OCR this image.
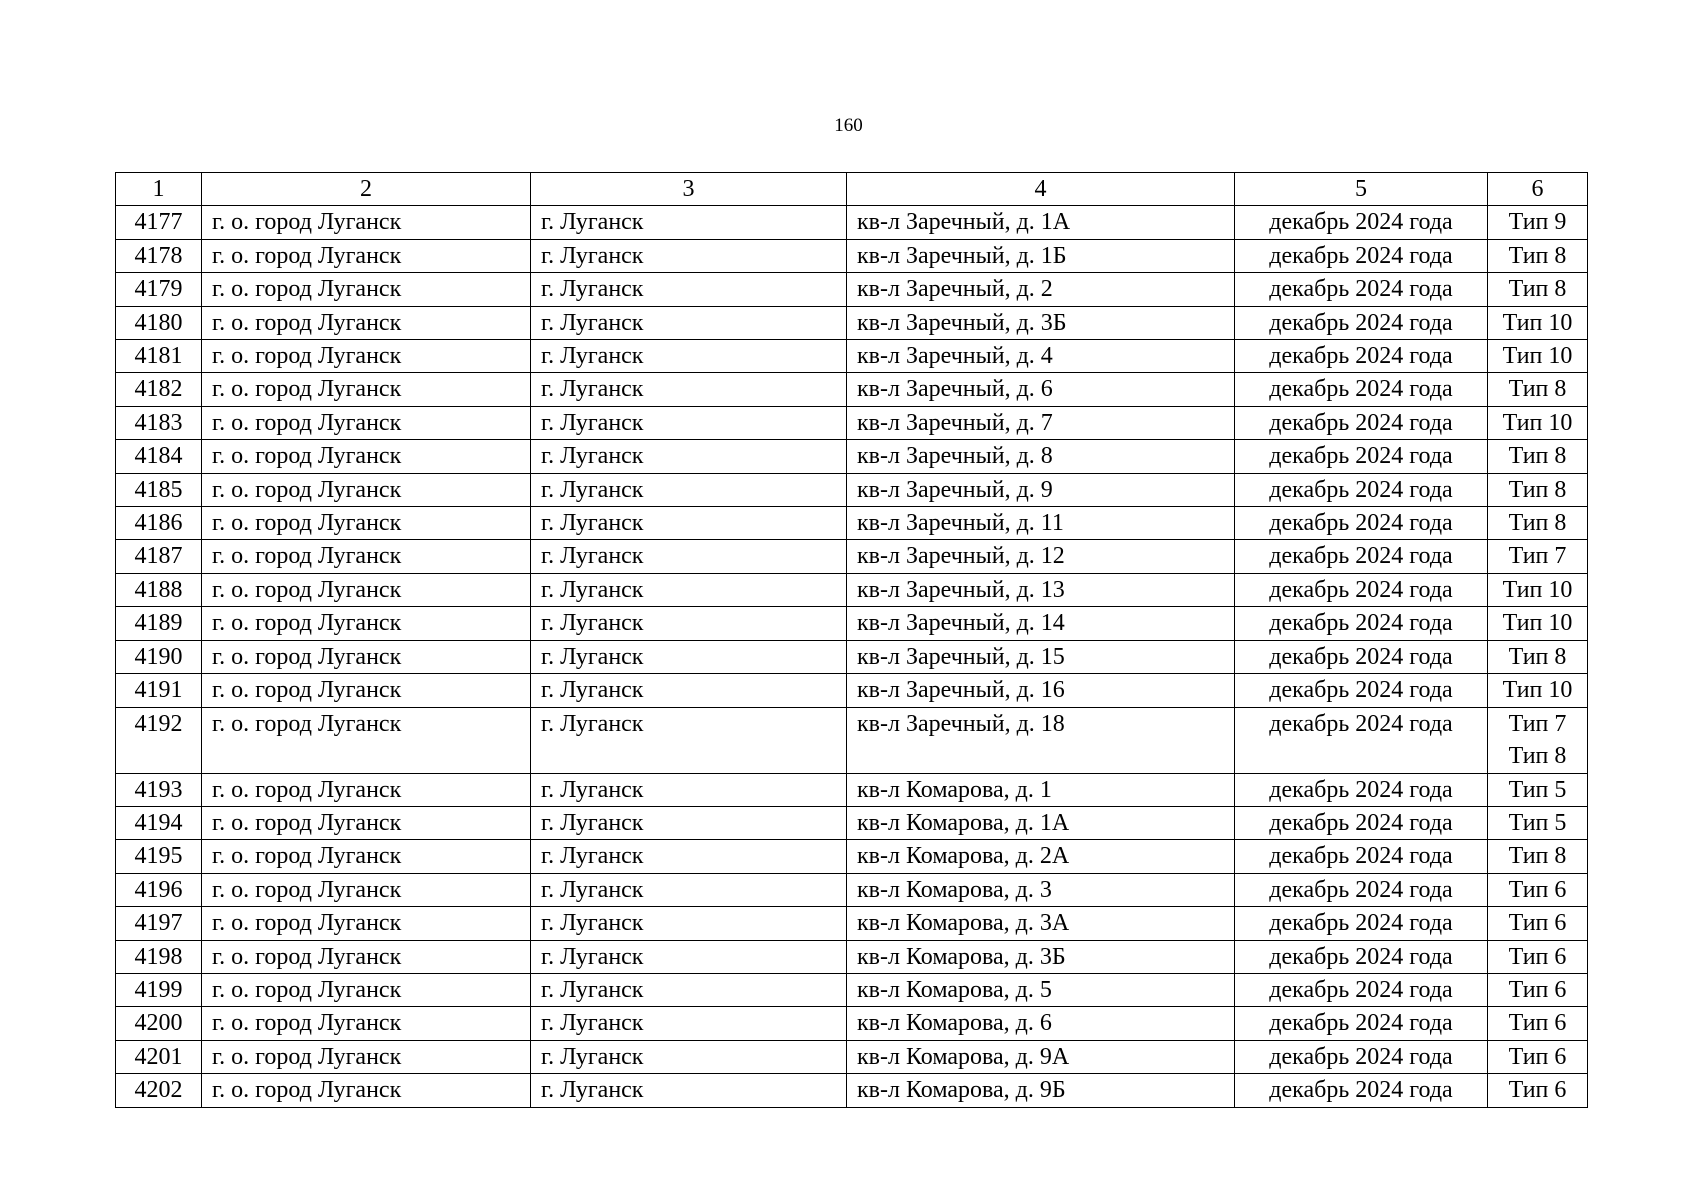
160
1	2	3	4	5	6
4177	г. о. город Луганск	г. Луганск	кв-л Заречный, д. 1А	декабрь 2024 года	Тип 9

4178	г. о. город Луганск	г. Луганск	кв-л Заречный, д. 1Б	декабрь 2024 года	Тип 8

4179	г. о. город Луганск	г. Луганск	кв-л Заречный, д. 2	декабрь 2024 года	Тип 8

4180	г. о. город Луганск	г. Луганск	кв-л Заречный, д. 3Б	декабрь 2024 года	Тип 10

4181	г. о. город Луганск	г. Луганск	кв-л Заречный, д. 4	декабрь 2024 года	Тип 10

4182	г. о. город Луганск	г. Луганск	кв-л Заречный, д. 6	декабрь 2024 года	Тип 8

4183	г. о. город Луганск	г. Луганск	кв-л Заречный, д. 7	декабрь 2024 года	Тип 10

4184	г. о. город Луганск	г. Луганск	кв-л Заречный, д. 8	декабрь 2024 года	Тип 8

4185	г. о. город Луганск	г. Луганск	кв-л Заречный, д. 9	декабрь 2024 года	Тип 8

4186	г. о. город Луганск	г. Луганск	кв-л Заречный, д. 11	декабрь 2024 года	Тип 8

4187	г. о. город Луганск	г. Луганск	кв-л Заречный, д. 12	декабрь 2024 года	Тип 7

4188	г. о. город Луганск	г. Луганск	кв-л Заречный, д. 13	декабрь 2024 года	Тип 10

4189	г. о. город Луганск	г. Луганск	кв-л Заречный, д. 14	декабрь 2024 года	Тип 10

4190	г. о. город Луганск	г. Луганск	кв-л Заречный, д. 15	декабрь 2024 года	Тип 8

4191	г. о. город Луганск	г. Луганск	кв-л Заречный, д. 16	декабрь 2024 года	Тип 10

4192	г. о. город Луганск	г. Луганск	кв-л Заречный, д. 18	декабрь 2024 года	Тип 7
Тип 8

4193	г. о. город Луганск	г. Луганск	кв-л Комарова, д. 1	декабрь 2024 года	Тип 5

4194	г. о. город Луганск	г. Луганск	кв-л Комарова, д. 1А	декабрь 2024 года	Тип 5

4195	г. о. город Луганск	г. Луганск	кв-л Комарова, д. 2А	декабрь 2024 года	Тип 8

4196	г. о. город Луганск	г. Луганск	кв-л Комарова, д. 3	декабрь 2024 года	Тип 6

4197	г. о. город Луганск	г. Луганск	кв-л Комарова, д. 3А	декабрь 2024 года	Тип 6

4198	г. о. город Луганск	г. Луганск	кв-л Комарова, д. 3Б	декабрь 2024 года	Тип 6

4199	г. о. город Луганск	г. Луганск	кв-л Комарова, д. 5	декабрь 2024 года	Тип 6

4200	г. о. город Луганск	г. Луганск	кв-л Комарова, д. 6	декабрь 2024 года	Тип 6

4201	г. о. город Луганск	г. Луганск	кв-л Комарова, д. 9А	декабрь 2024 года	Тип 6

4202	г. о. город Луганск	г. Луганск	кв-л Комарова, д. 9Б	декабрь 2024 года	Тип 6
